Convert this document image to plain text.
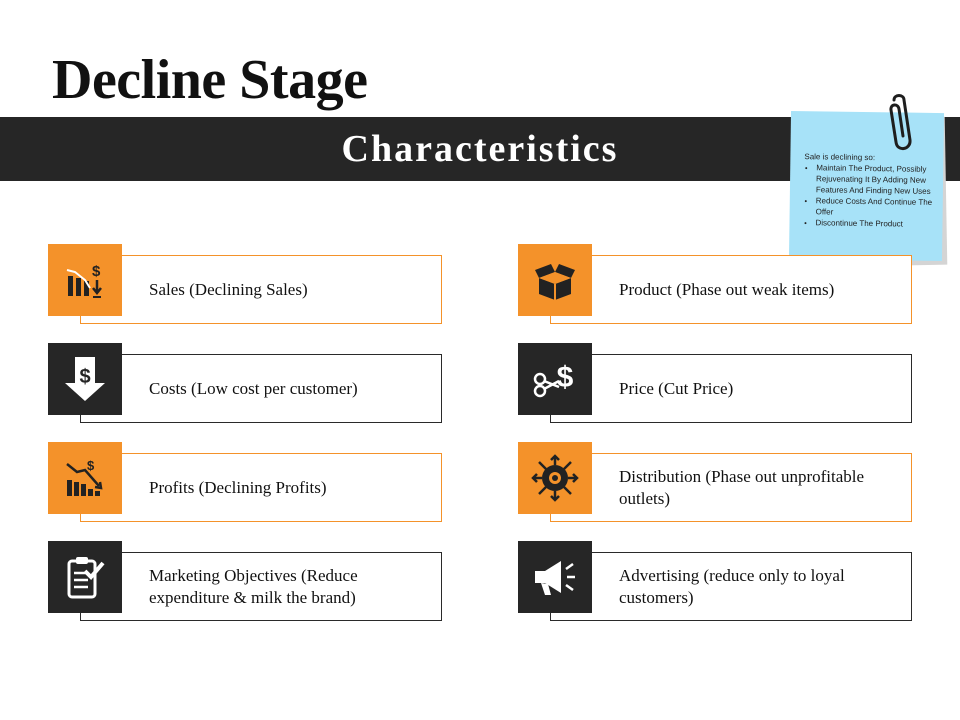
Decline Stage
Characteristics	Sale is declining so:
• Maintain The Product, Possibly Rejuvenating It By Adding New Features And Finding New Uses
• Reduce Costs And Continue The Offer
• Discontinue The Product
$
Sales (Declining Sales)
$	Costs (Low cost per customer)
$
Profits (Declining Profits)
Marketing Objectives (Reduce expenditure & milk the brand)
Product (Phase out weak items)
$	Price (Cut Price)
Distribution (Phase out unprofitable outlets)
Advertising (reduce only to loyal customers)
